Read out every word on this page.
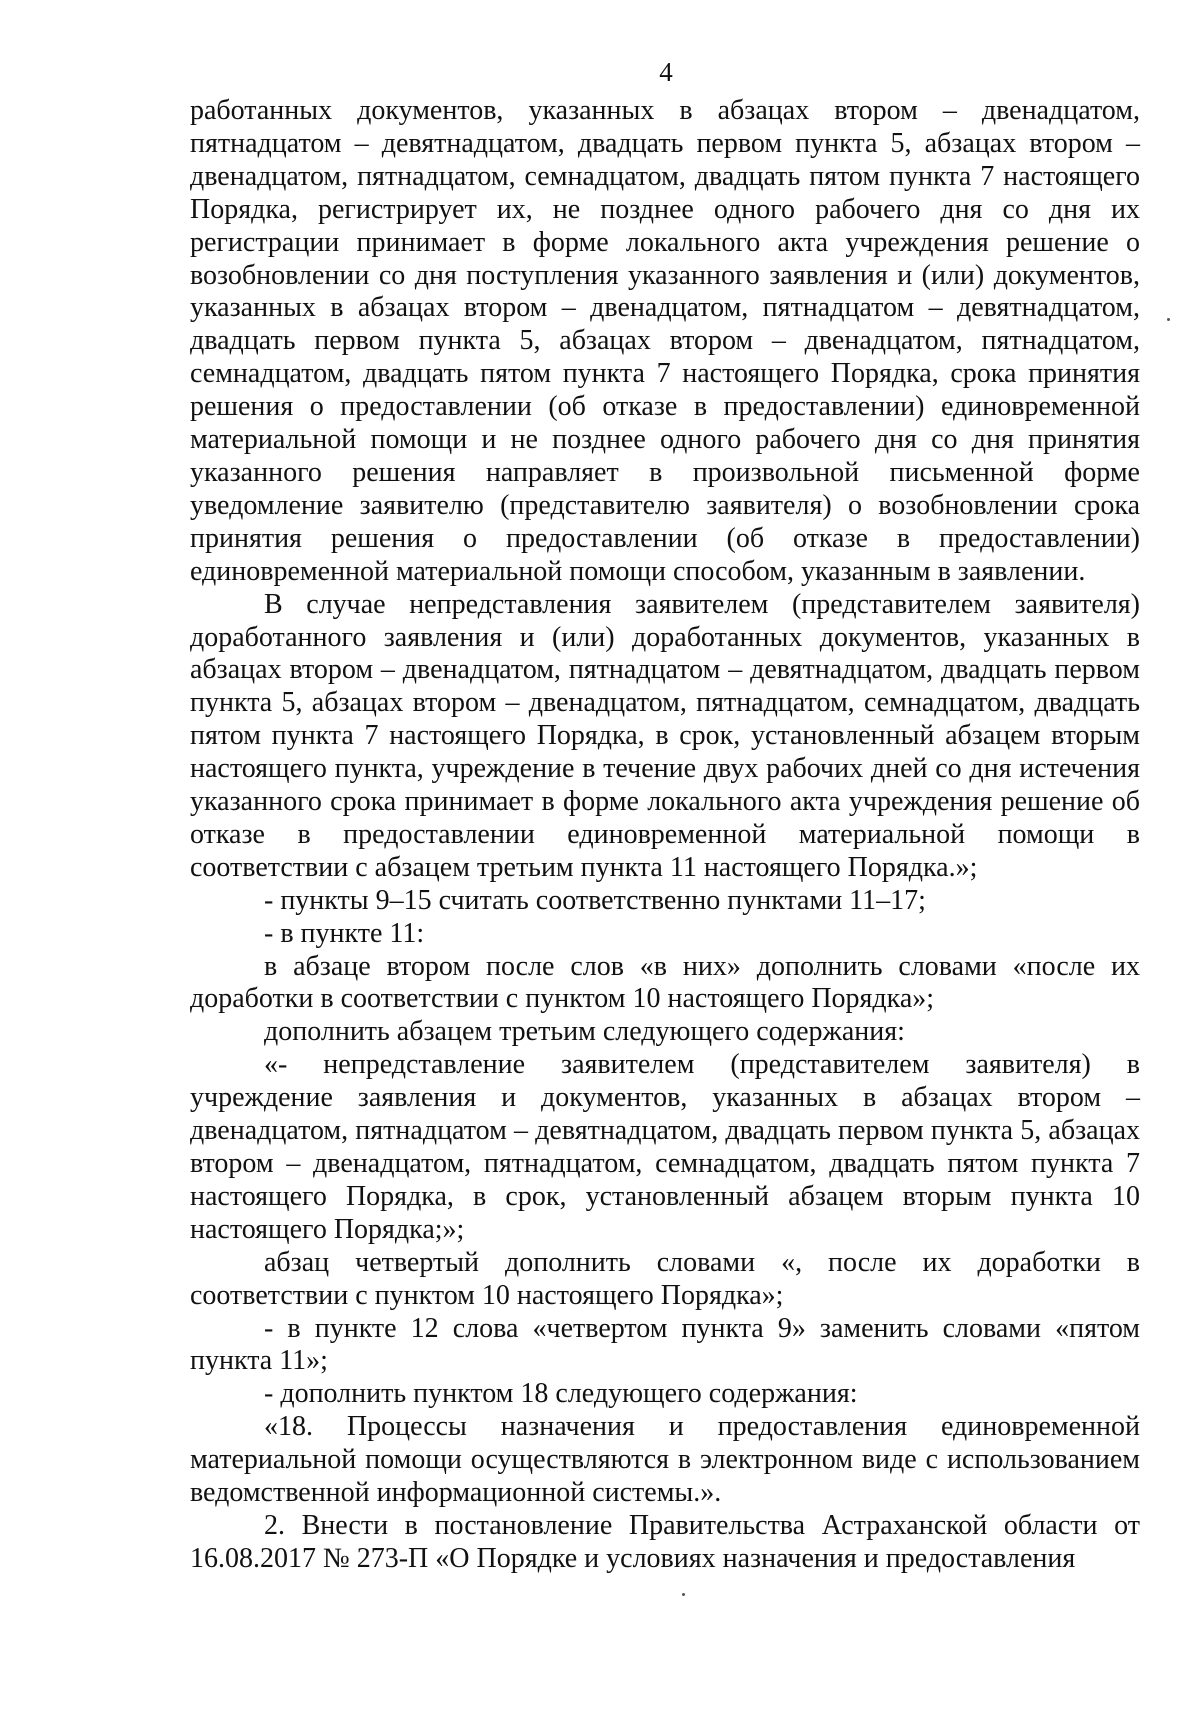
4

работанных документов, указанных в абзацах втором – двенадцатом, пятнадцатом – девятнадцатом, двадцать первом пункта 5, абзацах втором – двенадцатом, пятнадцатом, семнадцатом, двадцать пятом пункта 7 настоящего Порядка, регистрирует их, не позднее одного рабочего дня со дня их регистрации принимает в форме локального акта учреждения решение о возобновлении со дня поступления указанного заявления и (или) документов, указанных в абзацах втором – двенадцатом, пятнадцатом – девятнадцатом, двадцать первом пункта 5, абзацах втором – двенадцатом, пятнадцатом, семнадцатом, двадцать пятом пункта 7 настоящего Порядка, срока принятия решения о предоставлении (об отказе в предоставлении) единовременной материальной помощи и не позднее одного рабочего дня со дня принятия указанного решения направляет в произвольной письменной форме уведомление заявителю (представителю заявителя) о возобновлении срока принятия решения о предоставлении (об отказе в предоставлении) единовременной материальной помощи способом, указанным в заявлении.

В случае непредставления заявителем (представителем заявителя) доработанного заявления и (или) доработанных документов, указанных в абзацах втором – двенадцатом, пятнадцатом – девятнадцатом, двадцать первом пункта 5, абзацах втором – двенадцатом, пятнадцатом, семнадцатом, двадцать пятом пункта 7 настоящего Порядка, в срок, установленный абзацем вторым настоящего пункта, учреждение в течение двух рабочих дней со дня истечения указанного срока принимает в форме локального акта учреждения решение об отказе в предоставлении единовременной материальной помощи в соответствии с абзацем третьим пункта 11 настоящего Порядка.»;

- пункты 9–15 считать соответственно пунктами 11–17;

- в пункте 11:

в абзаце втором после слов «в них» дополнить словами «после их доработки в соответствии с пунктом 10 настоящего Порядка»;

дополнить абзацем третьим следующего содержания:

«- непредставление заявителем (представителем заявителя) в учреждение заявления и документов, указанных в абзацах втором – двенадцатом, пятнадцатом – девятнадцатом, двадцать первом пункта 5, абзацах втором – двенадцатом, пятнадцатом, семнадцатом, двадцать пятом пункта 7 настоящего Порядка, в срок, установленный абзацем вторым пункта 10 настоящего Порядка;»;

абзац четвертый дополнить словами «, после их доработки в соответствии с пунктом 10 настоящего Порядка»;

- в пункте 12 слова «четвертом пункта 9» заменить словами «пятом пункта 11»;

- дополнить пунктом 18 следующего содержания:

«18. Процессы назначения и предоставления единовременной материальной помощи осуществляются в электронном виде с использованием ведомственной информационной системы.».

2. Внести в постановление Правительства Астраханской области от 16.08.2017 № 273-П «О Порядке и условиях назначения и предоставления
